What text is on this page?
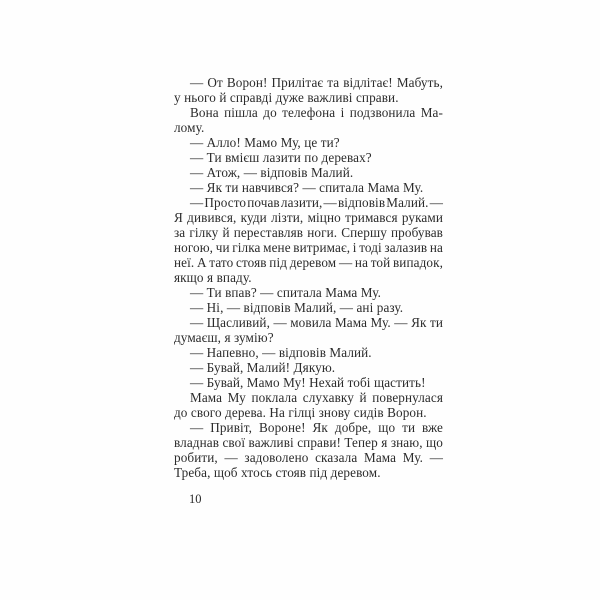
— От Ворон! Прилітає та відлітає! Мабуть,
у нього й справді дуже важливі справи.
Вона пішла до телефона і подзвонила Ма-
лому.
— Алло! Мамо Му, це ти?
— Ти вмієш лазити по деревах?
— Атож, — відповів Малий.
— Як ти навчився? — спитала Мама Му.
— Просто почав лазити, — відповів Малий. —
Я дивився, куди лізти, міцно тримався руками
за гілку й переставляв ноги. Спершу пробував
ногою, чи гілка мене витримає, і тоді залазив на
неї. А тато стояв під деревом — на той випадок,
якщо я впаду.
— Ти впав? — спитала Мама Му.
— Ні, — відповів Малий, — ані разу.
— Щасливий, — мовила Мама Му. — Як ти
думаєш, я зумію?
— Напевно, — відповів Малий.
— Бувай, Малий! Дякую.
— Бувай, Мамо Му! Нехай тобі щастить!
Мама Му поклала слухавку й повернулася
до свого дерева. На гілці знову сидів Ворон.
— Привіт, Вороне! Як добре, що ти вже
владнав свої важливі справи! Тепер я знаю, що
робити, — задоволено сказала Мама Му. —
Треба, щоб хтось стояв під деревом.
10
